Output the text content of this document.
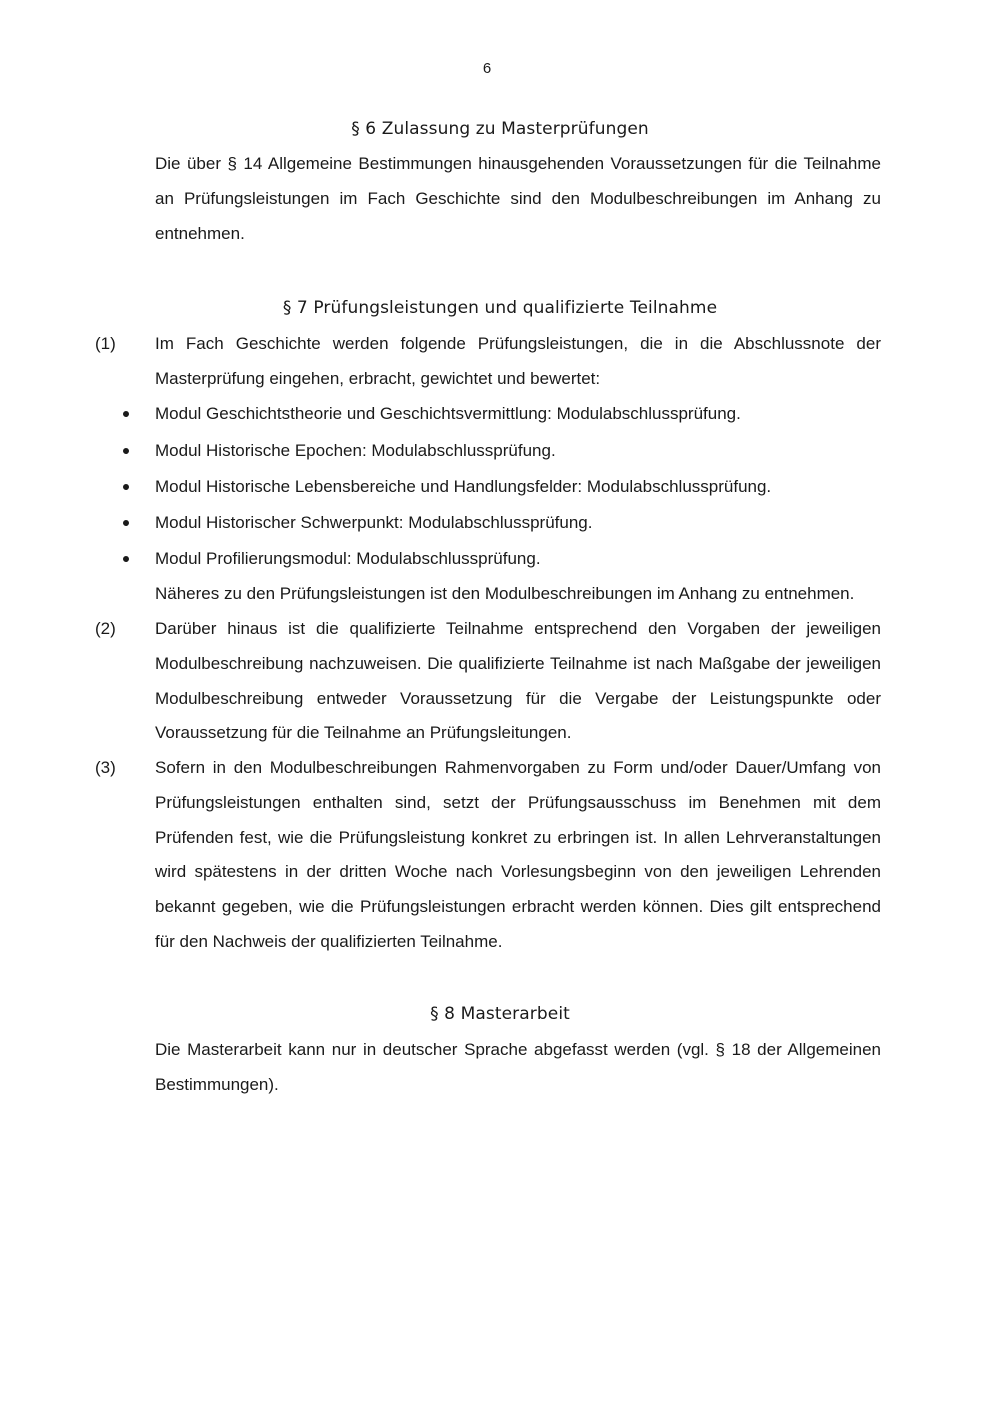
6
§ 6 Zulassung zu Masterprüfungen
Die über § 14 Allgemeine Bestimmungen hinausgehenden Voraussetzungen für die Teilnahme an Prüfungsleistungen im Fach Geschichte sind den Modulbeschreibungen im Anhang zu entnehmen.
§ 7 Prüfungsleistungen und qualifizierte Teilnahme
(1) Im Fach Geschichte werden folgende Prüfungsleistungen, die in die Abschlussnote der Masterprüfung eingehen, erbracht, gewichtet und bewertet:
Modul Geschichtstheorie und Geschichtsvermittlung: Modulabschlussprüfung.
Modul Historische Epochen: Modulabschlussprüfung.
Modul Historische Lebensbereiche und Handlungsfelder: Modulabschlussprüfung.
Modul Historischer Schwerpunkt: Modulabschlussprüfung.
Modul Profilierungsmodul: Modulabschlussprüfung.
Näheres zu den Prüfungsleistungen ist den Modulbeschreibungen im Anhang zu entnehmen.
(2) Darüber hinaus ist die qualifizierte Teilnahme entsprechend den Vorgaben der jeweiligen Modulbeschreibung nachzuweisen. Die qualifizierte Teilnahme ist nach Maßgabe der jeweiligen Modulbeschreibung entweder Voraussetzung für die Vergabe der Leistungspunkte oder Voraussetzung für die Teilnahme an Prüfungsleitungen.
(3) Sofern in den Modulbeschreibungen Rahmenvorgaben zu Form und/oder Dauer/Umfang von Prüfungsleistungen enthalten sind, setzt der Prüfungsausschuss im Benehmen mit dem Prüfenden fest, wie die Prüfungsleistung konkret zu erbringen ist. In allen Lehrveranstaltungen wird spätestens in der dritten Woche nach Vorlesungsbeginn von den jeweiligen Lehrenden bekannt gegeben, wie die Prüfungsleistungen erbracht werden können. Dies gilt entsprechend für den Nachweis der qualifizierten Teilnahme.
§ 8 Masterarbeit
Die Masterarbeit kann nur in deutscher Sprache abgefasst werden (vgl. § 18 der Allgemeinen Bestimmungen).
